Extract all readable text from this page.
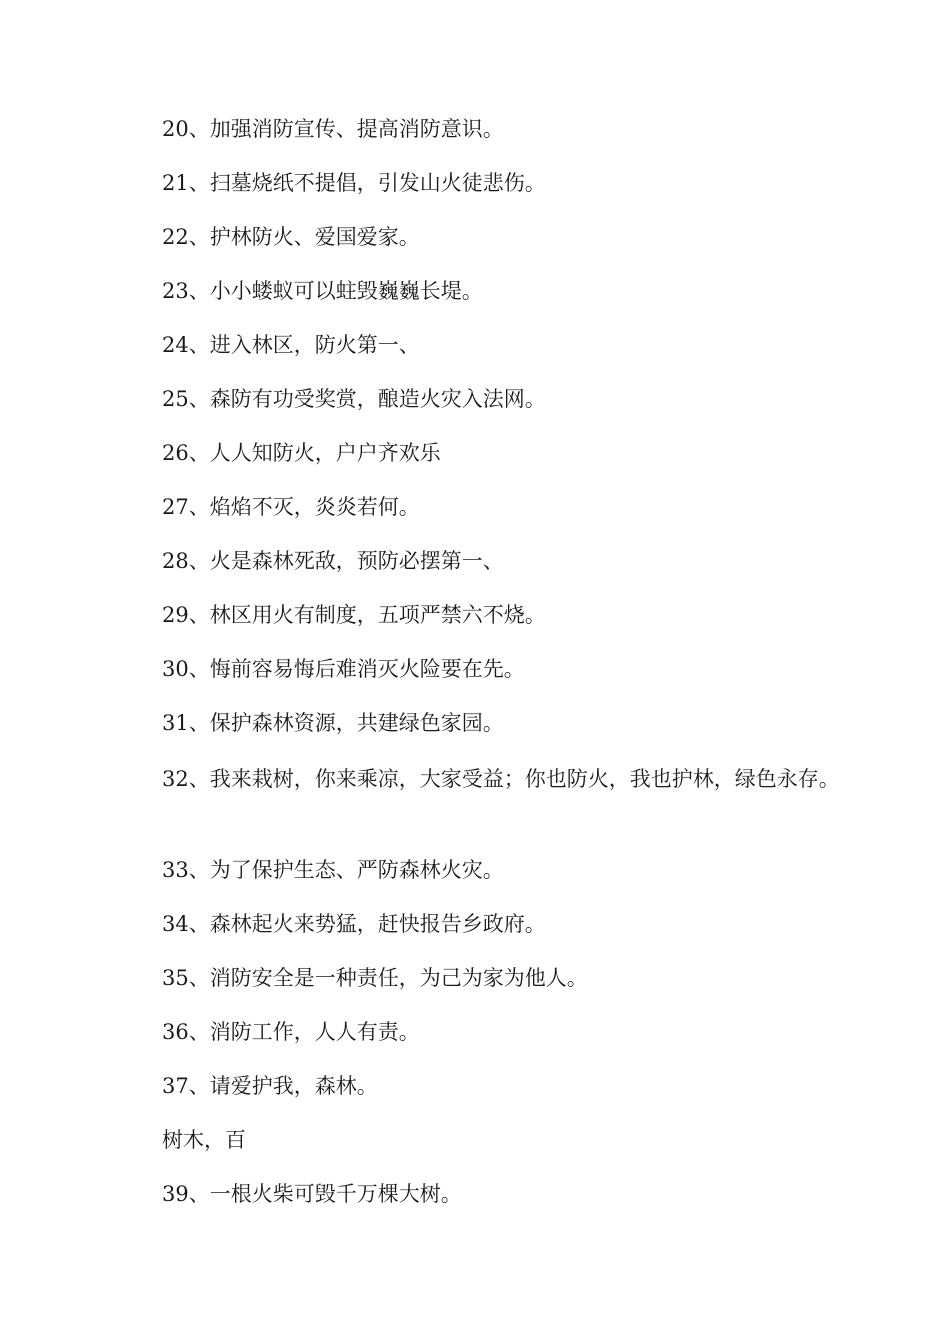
20、加强消防宣传、提高消防意识。

21、扫墓烧纸不提倡，引发山火徒悲伤。

22、护林防火、爱国爱家。

23、小小蝼蚁可以蛀毁巍巍长堤。

24、进入林区，防火第一、

25、森防有功受奖赏，酿造火灾入法网。

26、人人知防火，户户齐欢乐

27、焰焰不灭，炎炎若何。

28、火是森林死敌，预防必摆第一、

29、林区用火有制度，五项严禁六不烧。

30、悔前容易悔后难消灭火险要在先。

31、保护森林资源，共建绿色家园。

32、我来栽树，你来乘凉，大家受益；你也防火，我也护林，绿色永存。

33、为了保护生态、严防森林火灾。

34、森林起火来势猛，赶快报告乡政府。

35、消防安全是一种责任，为己为家为他人。

36、消防工作，人人有责。

37、请爱护我，森林。

树木，百

39、一根火柴可毁千万棵大树。
